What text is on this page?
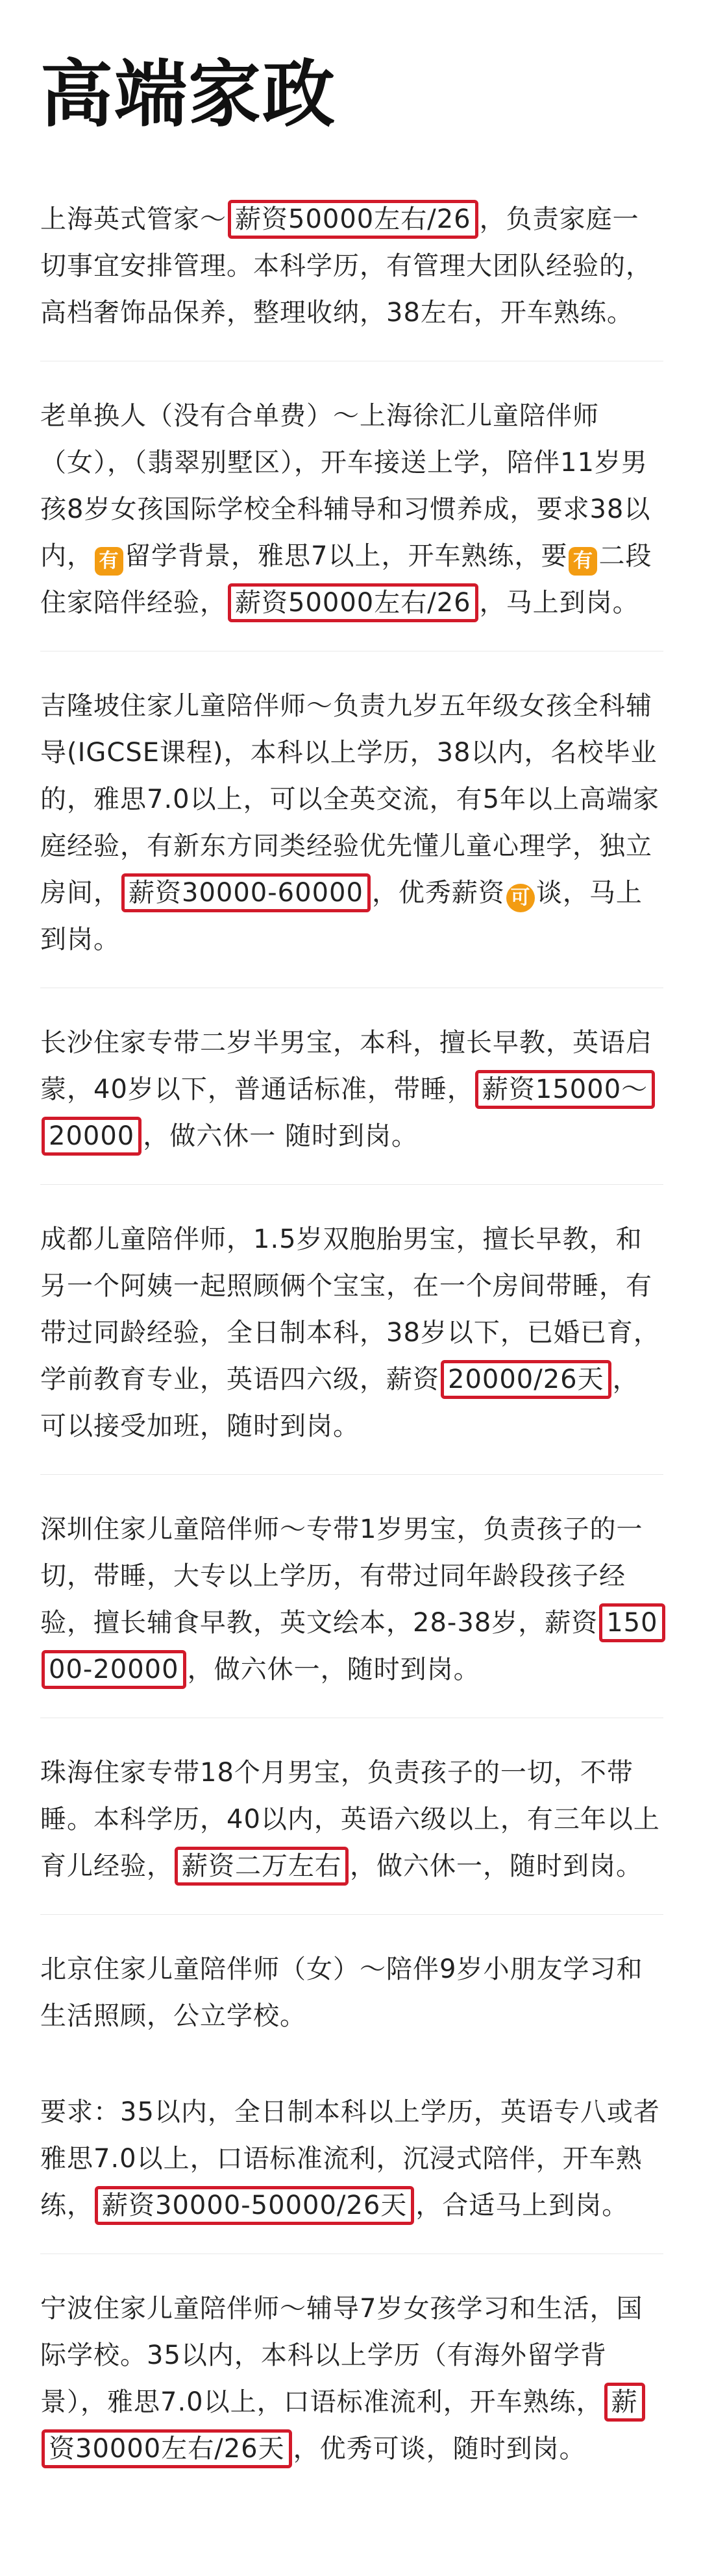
高端家政

上海英式管家～ 薪资50000左右/26 ，负责家庭一切事宜安排管理。本科学历，有管理大团队经验的，高档奢饰品保养，整理收纳，38左右，开车熟练。

老单换人（没有合单费）～上海徐汇儿童陪伴师（女），（翡翠别墅区），开车接送上学，陪伴11岁男孩8岁女孩国际学校全科辅导和习惯养成，要求38以内， 有 留学背景，雅思7以上，开车熟练，要 有 二段住家陪伴经验， 薪资50000左右/26 ，马上到岗。

吉隆坡住家儿童陪伴师～负责九岁五年级女孩全科辅导(IGCSE课程)，本科以上学历，38以内，名校毕业的，雅思7.0以上，可以全英交流，有5年以上高端家庭经验，有新东方同类经验优先懂儿童心理学，独立房间， 薪资30000-60000 ，优秀薪资 可 谈，马上到岗。

长沙住家专带二岁半男宝，本科，擅长早教，英语启蒙，40岁以下，普通话标准，带睡， 薪资15000～20000 ，做六休一 随时到岗。

成都儿童陪伴师，1.5岁双胞胎男宝，擅长早教，和另一个阿姨一起照顾俩个宝宝，在一个房间带睡，有带过同龄经验，全日制本科，38岁以下，已婚已育，学前教育专业，英语四六级，薪资 20000/26天 ，可以接受加班，随时到岗。

深圳住家儿童陪伴师～专带1岁男宝，负责孩子的一切，带睡，大专以上学历，有带过同年龄段孩子经验，擅长辅食早教，英文绘本，28-38岁，薪资 15000-20000 ，做六休一，随时到岗。

珠海住家专带18个月男宝，负责孩子的一切，不带睡。本科学历，40以内，英语六级以上，有三年以上育儿经验， 薪资二万左右 ，做六休一，随时到岗。

北京住家儿童陪伴师（女）～陪伴9岁小朋友学习和生活照顾，公立学校。

要求：35以内，全日制本科以上学历，英语专八或者雅思7.0以上，口语标准流利，沉浸式陪伴，开车熟练， 薪资30000-50000/26天 ，合适马上到岗。

宁波住家儿童陪伴师～辅导7岁女孩学习和生活，国际学校。35以内，本科以上学历（有海外留学背景），雅思7.0以上，口语标准流利，开车熟练， 薪资30000左右/26天 ，优秀可谈，随时到岗。
